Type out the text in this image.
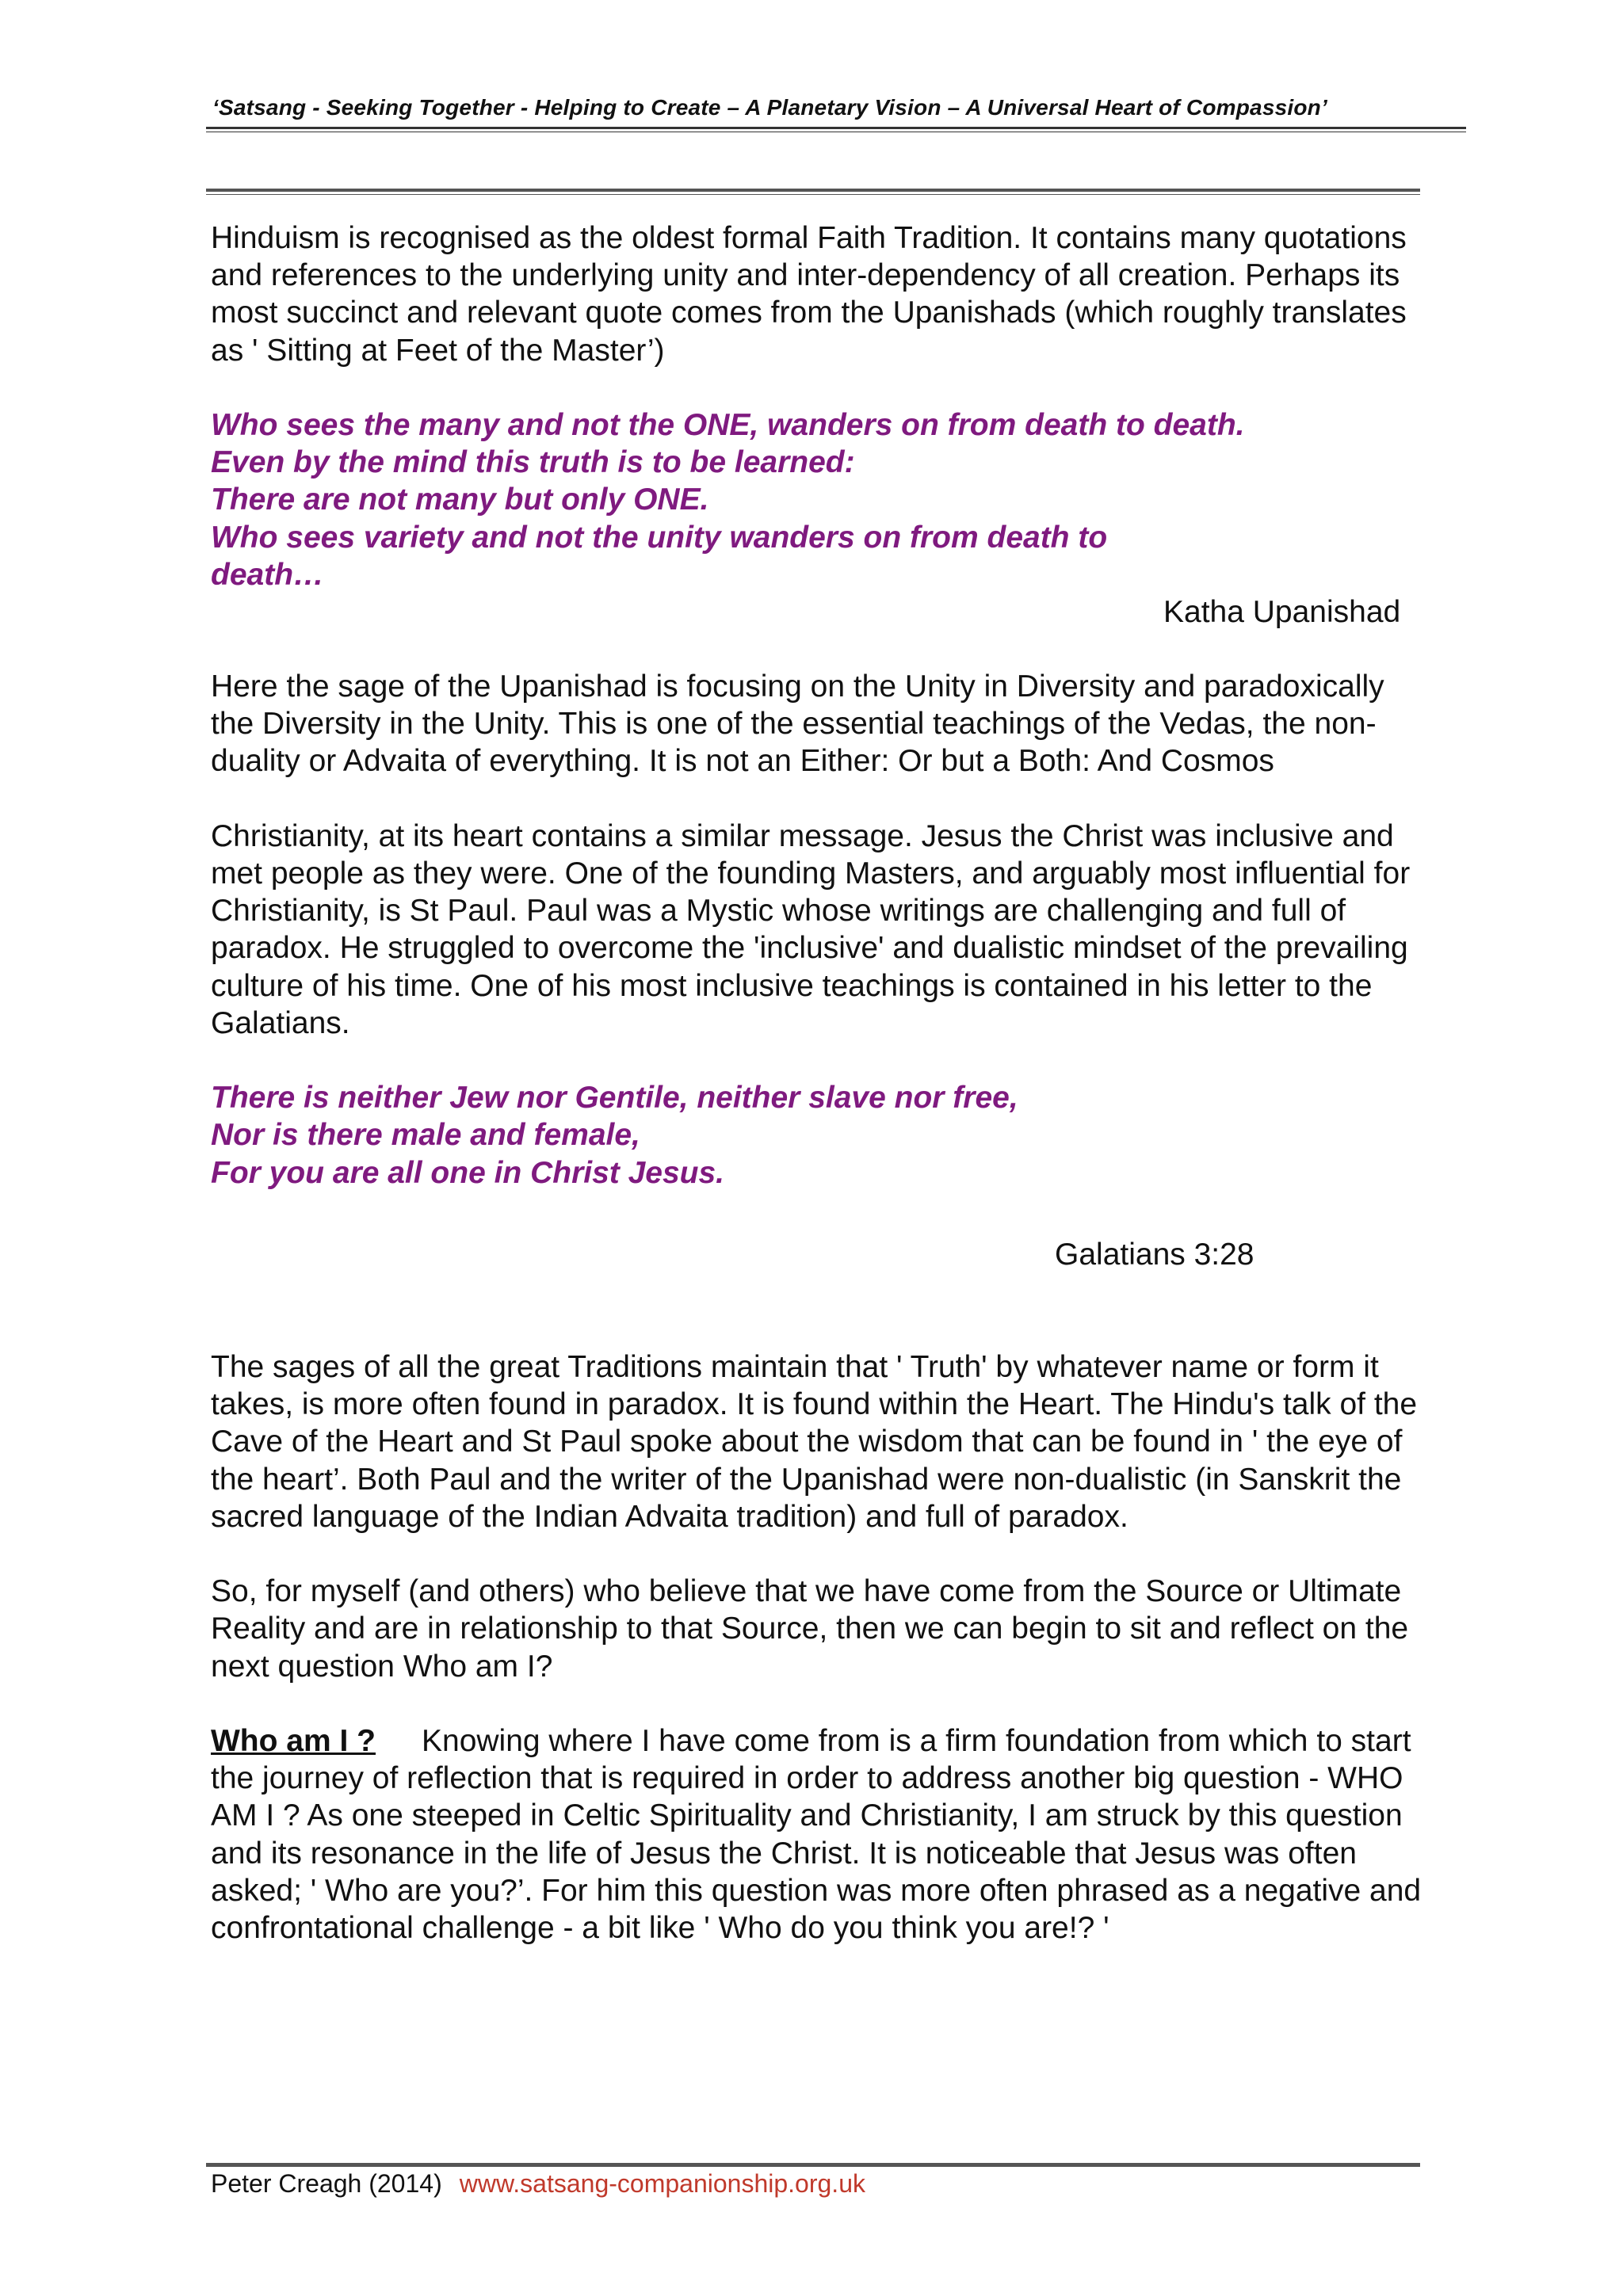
‘Satsang - Seeking Together - Helping to Create – A Planetary Vision – A Universal Heart of Compassion’

Hinduism is recognised as the oldest formal Faith Tradition. It contains many quotations and references to the underlying unity and inter-dependency of all creation. Perhaps its most succinct and relevant quote comes from the Upanishads (which roughly translates as ' Sitting at Feet of the Master’)

Who sees the many and not the ONE, wanders on from death to death.

Even by the mind this truth is to be learned:

There are not many but only ONE.

Who sees variety and not the unity wanders on from death to

death…

Katha Upanishad

Here the sage of the Upanishad is focusing on the Unity in Diversity and paradoxically the Diversity in the Unity. This is one of the essential teachings of the Vedas, the non-duality or Advaita of everything. It is not an Either: Or but a Both: And Cosmos

Christianity, at its heart contains a similar message. Jesus the Christ was inclusive and met people as they were. One of the founding Masters, and arguably most influential for Christianity, is St Paul. Paul was a Mystic whose writings are challenging and full of paradox. He struggled to overcome the 'inclusive' and dualistic mindset of the prevailing culture of his time. One of his most inclusive teachings is contained in his letter to the Galatians.

There is neither Jew nor Gentile, neither slave nor free,

Nor is there male and female,

For you are all one in Christ Jesus.

Galatians 3:28

The sages of all the great Traditions maintain that ' Truth' by whatever name or form it takes, is more often found in paradox. It is found within the Heart. The Hindu's talk of the Cave of the Heart and St Paul spoke about the wisdom that can be found in ' the eye of the heart’. Both Paul and the writer of the Upanishad were non-dualistic (in Sanskrit the sacred language of the Indian Advaita tradition) and full of paradox.

So, for myself (and others) who believe that we have come from the Source or Ultimate Reality and are in relationship to that Source, then we can begin to sit and reflect on the next question Who am I?

Who am I ? Knowing where I have come from is a firm foundation from which to start the journey of reflection that is required in order to address another big question - WHO AM I ? As one steeped in Celtic Spirituality and Christianity, I am struck by this question and its resonance in the life of Jesus the Christ. It is noticeable that Jesus was often asked; ' Who are you?’. For him this question was more often phrased as a negative and confrontational challenge - a bit like ' Who do you think you are!? '

Peter Creagh (2014) www.satsang-companionship.org.uk
